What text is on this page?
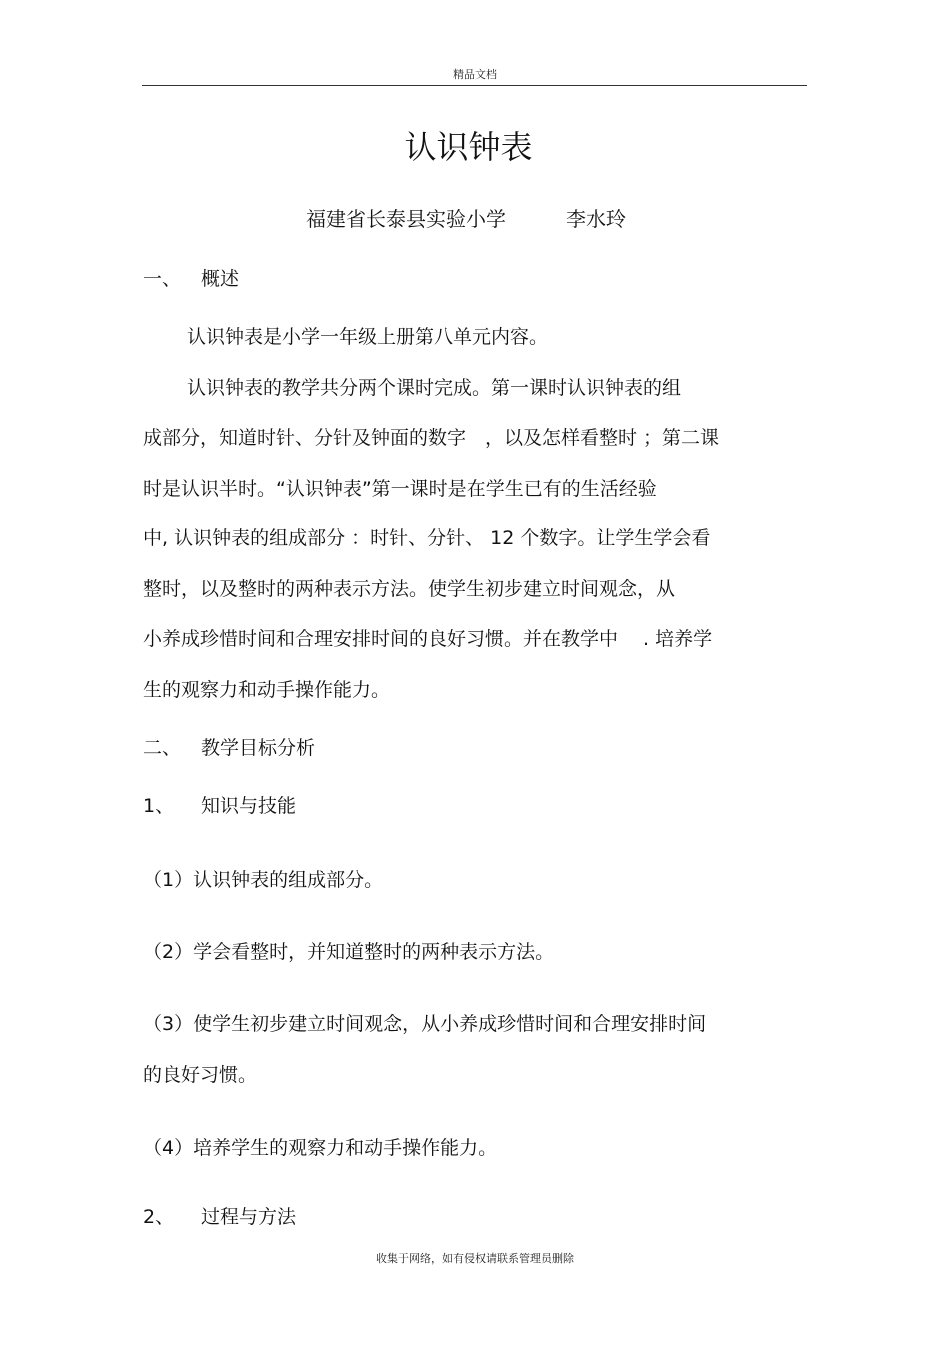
精品文档
认识钟表
福建省长泰县实验小学	李水玲
一、 概述
认识钟表是小学一年级上册第八单元内容。
认识钟表的教学共分两个课时完成。第一课时认识钟表的组
成部分，知道时针、分针及钟面的数字　，以及怎样看整时 ；第二课
时是认识半时。“认识钟表”第一课时是在学生已有的生活经验
中, 认识钟表的组成部分 ：时针、分针、 12 个数字。让学生学会看
整时，以及整时的两种表示方法。使学生初步建立时间观念，从
小养成珍惜时间和合理安排时间的良好习惯。并在教学中　 . 培养学
生的观察力和动手操作能力。
二、 教学目标分析
1、 知识与技能
（1）认识钟表的组成部分。
（2）学会看整时，并知道整时的两种表示方法。
（3）使学生初步建立时间观念，从小养成珍惜时间和合理安排时间
的良好习惯。
（4）培养学生的观察力和动手操作能力。
2、 过程与方法
收集于网络，如有侵权请联系管理员删除
